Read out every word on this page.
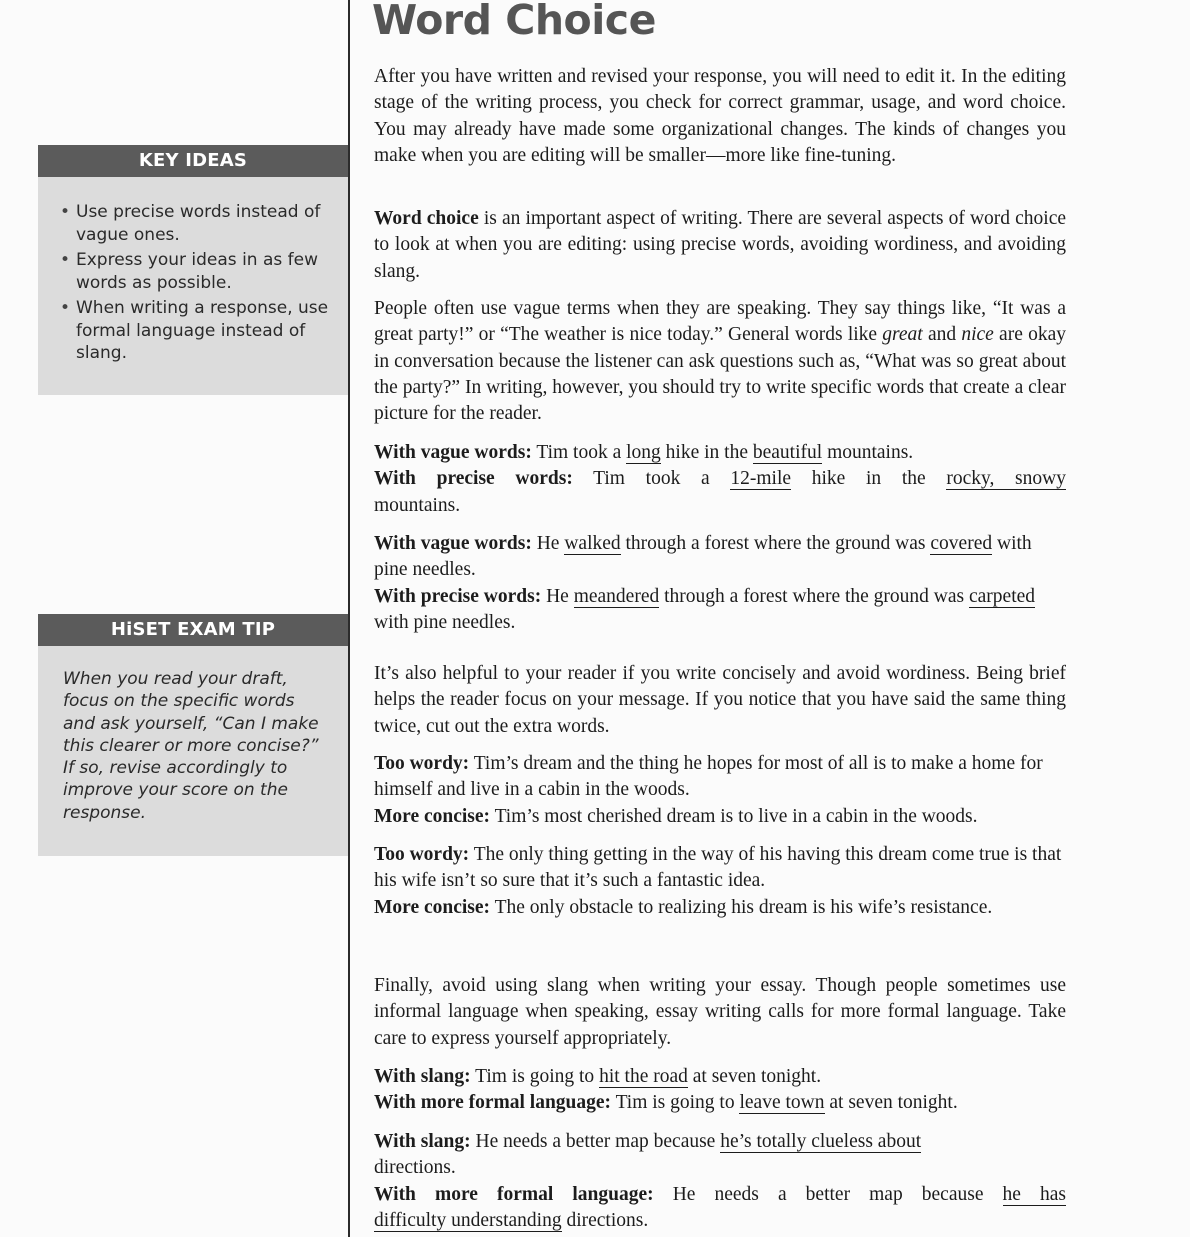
KEY IDEAS
• Use precise words instead of vague ones.
• Express your ideas in as few words as possible.
• When writing a response, use formal language instead of slang.
HiSET EXAM TIP

When you read your draft, focus on the specific words and ask yourself, “Can I make this clearer or more concise?” If so, revise accordingly to improve your score on the response.

Word Choice

After you have written and revised your response, you will need to edit it. In the editing stage of the writing process, you check for correct grammar, usage, and word choice. You may already have made some organizational changes. The kinds of changes you make when you are editing will be smaller—more like fine-tuning.

Word choice is an important aspect of writing. There are several aspects of word choice to look at when you are editing: using precise words, avoiding wordiness, and avoiding slang.

People often use vague terms when they are speaking. They say things like, “It was a great party!” or “The weather is nice today.” General words like great and nice are okay in conversation because the listener can ask questions such as, “What was so great about the party?” In writing, however, you should try to write specific words that create a clear picture for the reader.

With vague words: Tim took a long hike in the beautiful mountains.

With precise words: Tim took a 12-mile hike in the rocky, snowy

mountains.

With vague words: He walked through a forest where the ground was covered with pine needles.

With precise words: He meandered through a forest where the ground was carpeted with pine needles.

It’s also helpful to your reader if you write concisely and avoid wordiness. Being brief helps the reader focus on your message. If you notice that you have said the same thing twice, cut out the extra words.

Too wordy: Tim’s dream and the thing he hopes for most of all is to make a home for himself and live in a cabin in the woods.

More concise: Tim’s most cherished dream is to live in a cabin in the woods.

Too wordy: The only thing getting in the way of his having this dream come true is that his wife isn’t so sure that it’s such a fantastic idea.

More concise: The only obstacle to realizing his dream is his wife’s resistance.

Finally, avoid using slang when writing your essay. Though people sometimes use informal language when speaking, essay writing calls for more formal language. Take care to express yourself appropriately.

With slang: Tim is going to hit the road at seven tonight.

With more formal language: Tim is going to leave town at seven tonight.

With slang: He needs a better map because he’s totally clueless about

directions.

With more formal language: He needs a better map because he has

difficulty understanding directions.
